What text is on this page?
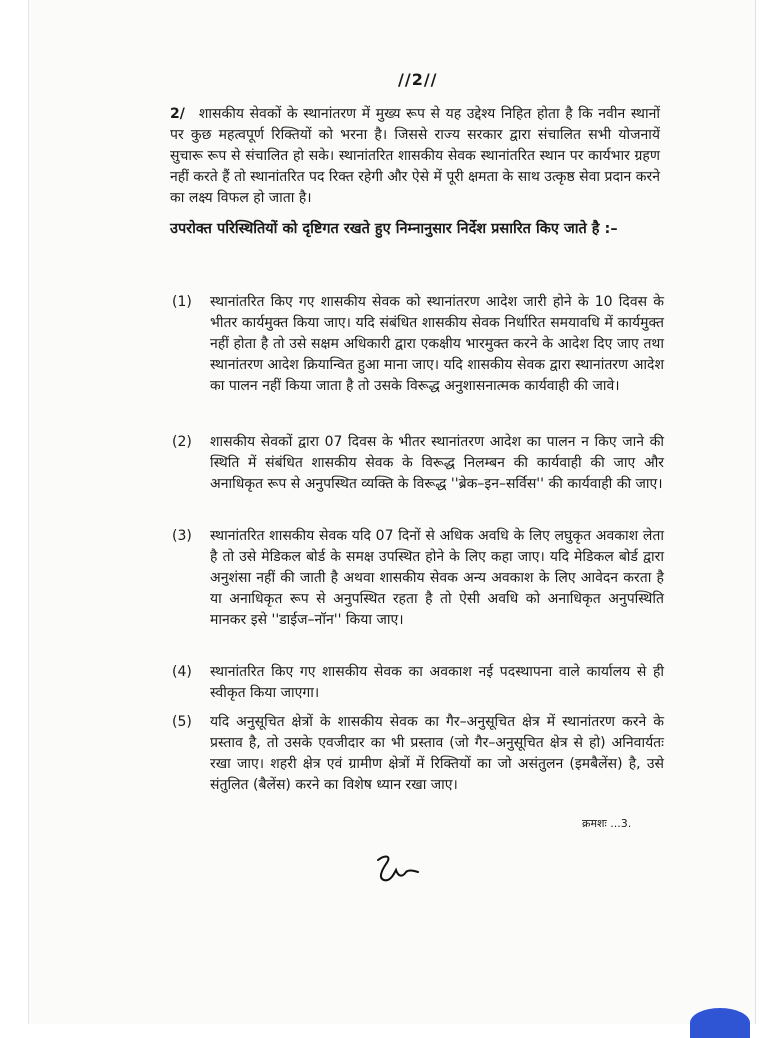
//2//
2/ शासकीय सेवकों के स्थानांतरण में मुख्य रूप से यह उद्देश्य निहित होता है कि नवीन स्थानों पर कुछ महत्वपूर्ण रिक्तियों को भरना है। जिससे राज्य सरकार द्वारा संचालित सभी योजनायें सुचारू रूप से संचालित हो सके। स्थानांतरित शासकीय सेवक स्थानांतरित स्थान पर कार्यभार ग्रहण नहीं करते हैं तो स्थानांतरित पद रिक्त रहेगी और ऐसे में पूरी क्षमता के साथ उत्कृष्ठ सेवा प्रदान करने का लक्ष्य विफल हो जाता है।
उपरोक्त परिस्थितियों को दृष्टिगत रखते हुए निम्नानुसार निर्देश प्रसारित किए जाते है :–
(1) स्थानांतरित किए गए शासकीय सेवक को स्थानांतरण आदेश जारी होने के 10 दिवस के भीतर कार्यमुक्त किया जाए। यदि संबंधित शासकीय सेवक निर्धारित समयावधि में कार्यमुक्त नहीं होता है तो उसे सक्षम अधिकारी द्वारा एकक्षीय भारमुक्त करने के आदेश दिए जाए तथा स्थानांतरण आदेश क्रियान्वित हुआ माना जाए। यदि शासकीय सेवक द्वारा स्थानांतरण आदेश का पालन नहीं किया जाता है तो उसके विरूद्ध अनुशासनात्मक कार्यवाही की जावे।
(2) शासकीय सेवकों द्वारा 07 दिवस के भीतर स्थानांतरण आदेश का पालन न किए जाने की स्थिति में संबंधित शासकीय सेवक के विरूद्ध निलम्बन की कार्यवाही की जाए और अनाधिकृत रूप से अनुपस्थित व्यक्ति के विरूद्ध ''ब्रेक–इन–सर्विस'' की कार्यवाही की जाए।
(3) स्थानांतरित शासकीय सेवक यदि 07 दिनों से अधिक अवधि के लिए लघुकृत अवकाश लेता है तो उसे मेडिकल बोर्ड के समक्ष उपस्थित होने के लिए कहा जाए। यदि मेडिकल बोर्ड द्वारा अनुशंसा नहीं की जाती है अथवा शासकीय सेवक अन्य अवकाश के लिए आवेदन करता है या अनाधिकृत रूप से अनुपस्थित रहता है तो ऐसी अवधि को अनाधिकृत अनुपस्थिति मानकर इसे ''डाईज–नॉन'' किया जाए।
(4) स्थानांतरित किए गए शासकीय सेवक का अवकाश नई पदस्थापना वाले कार्यालय से ही स्वीकृत किया जाएगा।
(5) यदि अनुसूचित क्षेत्रों के शासकीय सेवक का गैर–अनुसूचित क्षेत्र में स्थानांतरण करने के प्रस्ताव है, तो उसके एवजीदार का भी प्रस्ताव (जो गैर–अनुसूचित क्षेत्र से हो) अनिवार्यतः रखा जाए। शहरी क्षेत्र एवं ग्रामीण क्षेत्रों में रिक्तियों का जो असंतुलन (इमबैलेंस) है, उसे संतुलित (बैलेंस) करने का विशेष ध्यान रखा जाए।
क्रमशः ...3.
